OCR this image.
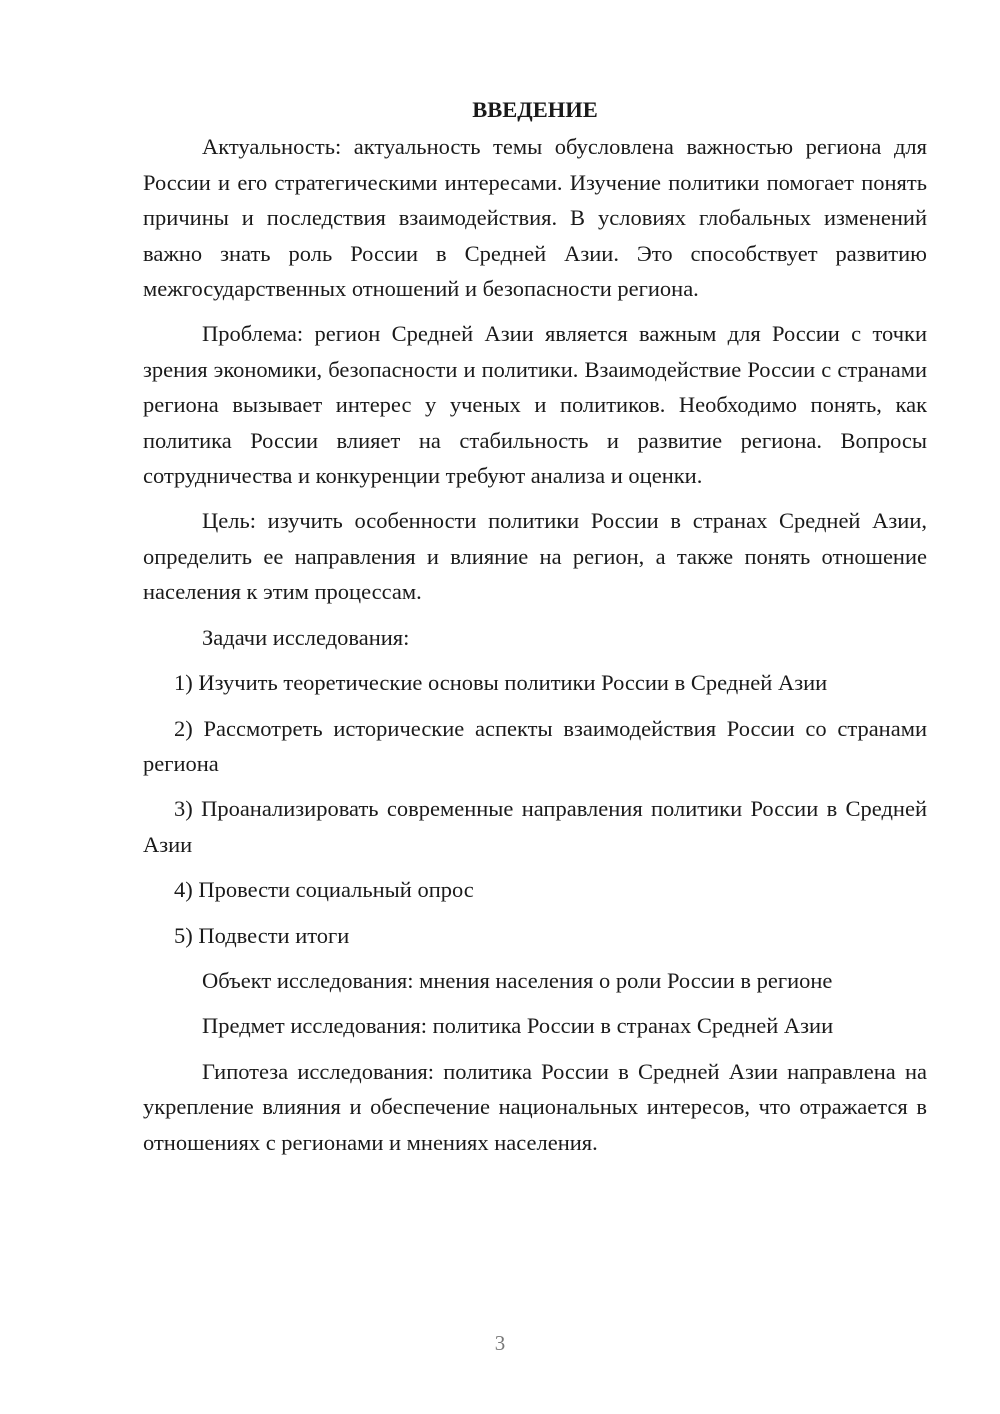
ВВЕДЕНИЕ

Актуальность: актуальность темы обусловлена важностью региона для России и его стратегическими интересами. Изучение политики помогает понять причины и последствия взаимодействия. В условиях глобальных изменений важно знать роль России в Средней Азии. Это способствует развитию межгосударственных отношений и безопасности региона.

Проблема: регион Средней Азии является важным для России с точки зрения экономики, безопасности и политики. Взаимодействие России с странами региона вызывает интерес у ученых и политиков. Необходимо понять, как политика России влияет на стабильность и развитие региона. Вопросы сотрудничества и конкуренции требуют анализа и оценки.

Цель: изучить особенности политики России в странах Средней Азии, определить ее направления и влияние на регион, а также понять отношение населения к этим процессам.

Задачи исследования:

1) Изучить теоретические основы политики России в Средней Азии

2) Рассмотреть исторические аспекты взаимодействия России со странами региона

3) Проанализировать современные направления политики России в Средней Азии

4) Провести социальный опрос

5) Подвести итоги

Объект исследования: мнения населения о роли России в регионе

Предмет исследования: политика России в странах Средней Азии

Гипотеза исследования: политика России в Средней Азии направлена на укрепление влияния и обеспечение национальных интересов, что отражается в отношениях с регионами и мнениях населения.

3
